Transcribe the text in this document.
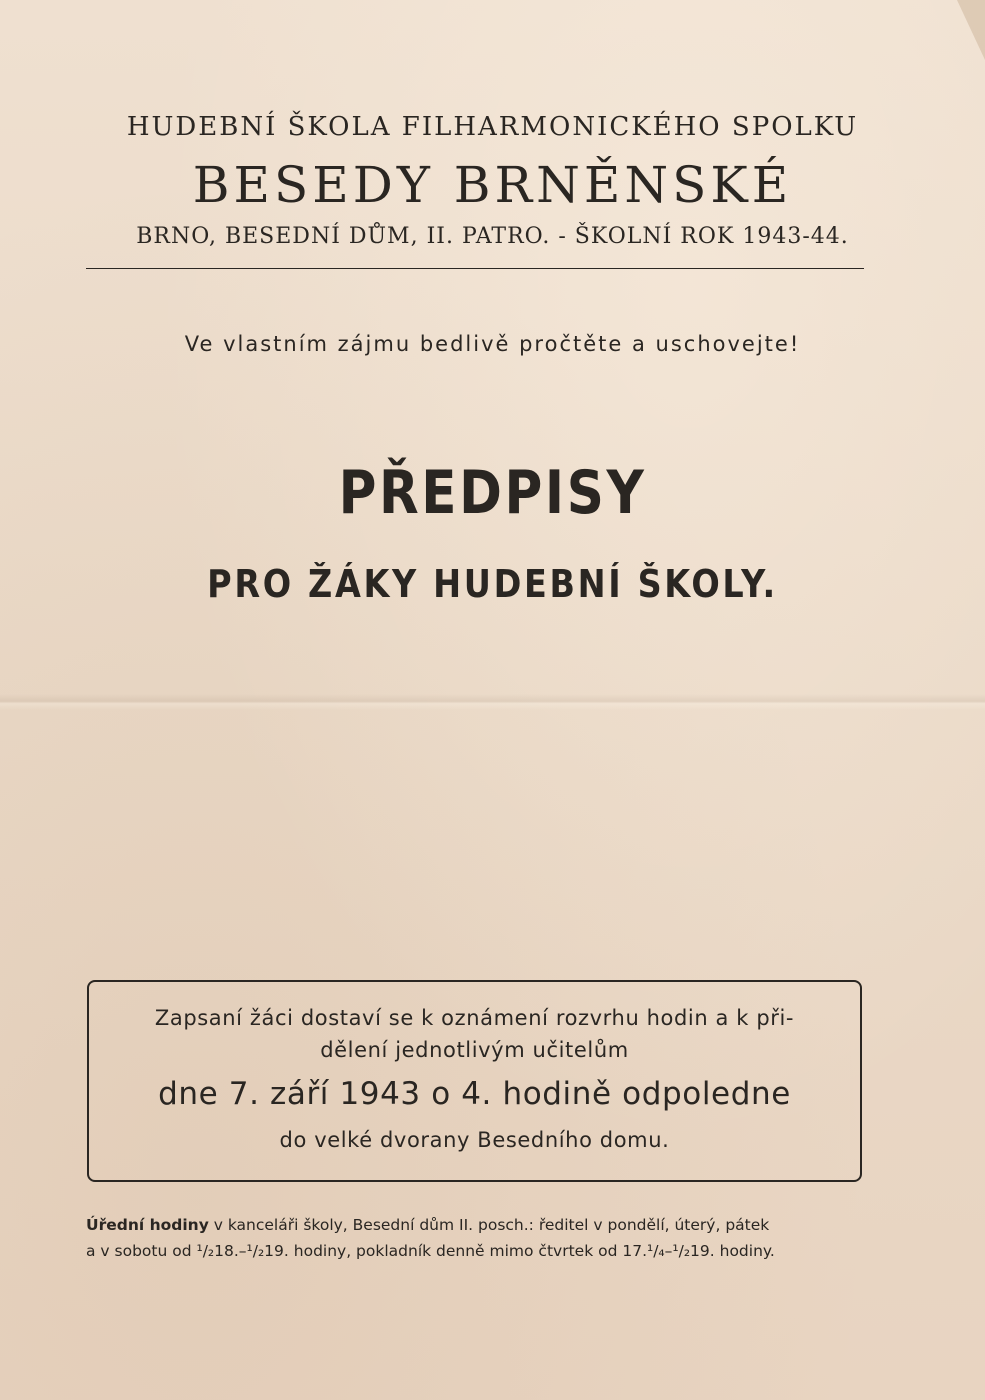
HUDEBNÍ ŠKOLA FILHARMONICKÉHO SPOLKU
BESEDY BRNĚNSKÉ
BRNO, BESEDNÍ DŮM, II. PATRO. - ŠKOLNÍ ROK 1943-44.
Ve vlastním zájmu bedlivě pročtěte a uschovejte!
PŘEDPISY
PRO ŽÁKY HUDEBNÍ ŠKOLY.
Zapsaní žáci dostaví se k oznámení rozvrhu hodin a k při-
dělení jednotlivým učitelům
dne 7. září 1943 o 4. hodině odpoledne
do velké dvorany Besedního domu.
Úřední hodiny v kanceláři školy, Besední dům II. posch.: ředitel v pondělí, úterý, pátek
a v sobotu od ¹/₂18.–¹/₂19. hodiny, pokladník denně mimo čtvrtek od 17.¹/₄–¹/₂19. hodiny.
